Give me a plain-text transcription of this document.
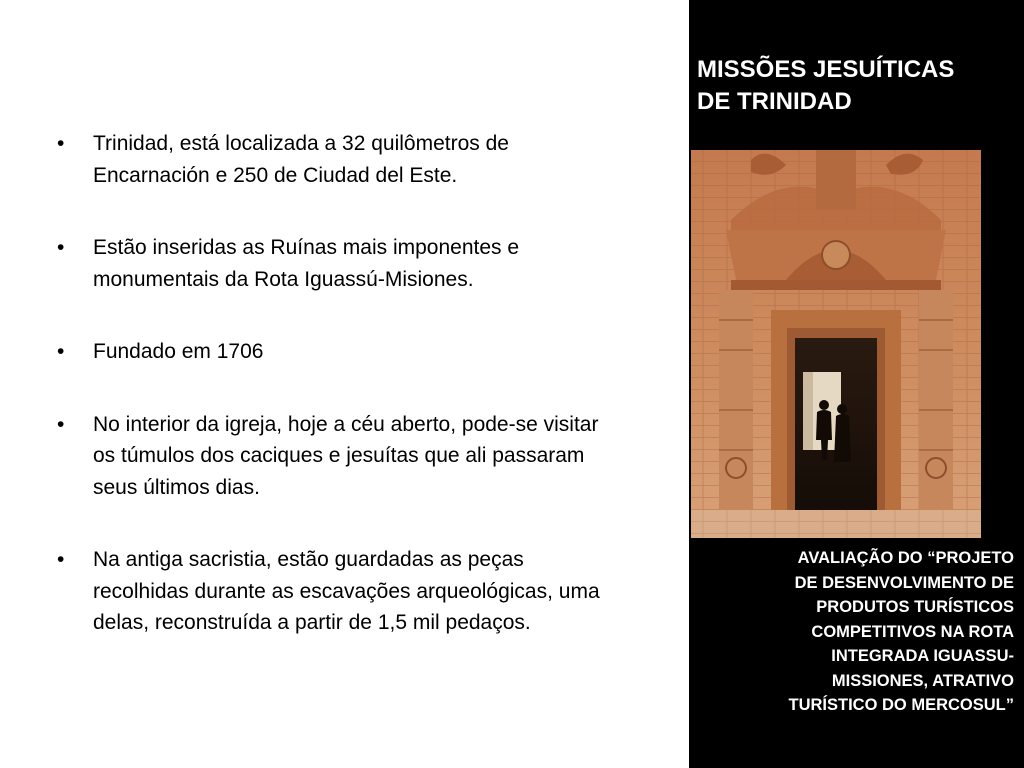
• Trinidad, está localizada a 32 quilômetros de Encarnación e 250 de Ciudad del Este.
• Estão inseridas as Ruínas mais imponentes e monumentais da Rota Iguassú-Misiones.
• Fundado em 1706
• No interior da igreja, hoje a céu aberto, pode-se visitar os túmulos dos caciques e jesuítas que ali passaram seus últimos dias.
• Na antiga sacristia, estão guardadas as peças recolhidas durante as escavações arqueológicas, uma delas, reconstruída a partir de 1,5 mil pedaços.
MISSÕES JESUÍTICAS
DE TRINIDAD
AVALIAÇÃO DO “PROJETO
DE DESENVOLVIMENTO DE
PRODUTOS TURÍSTICOS
COMPETITIVOS NA ROTA
INTEGRADA IGUASSU-
MISSIONES, ATRATIVO
TURÍSTICO DO MERCOSUL”
